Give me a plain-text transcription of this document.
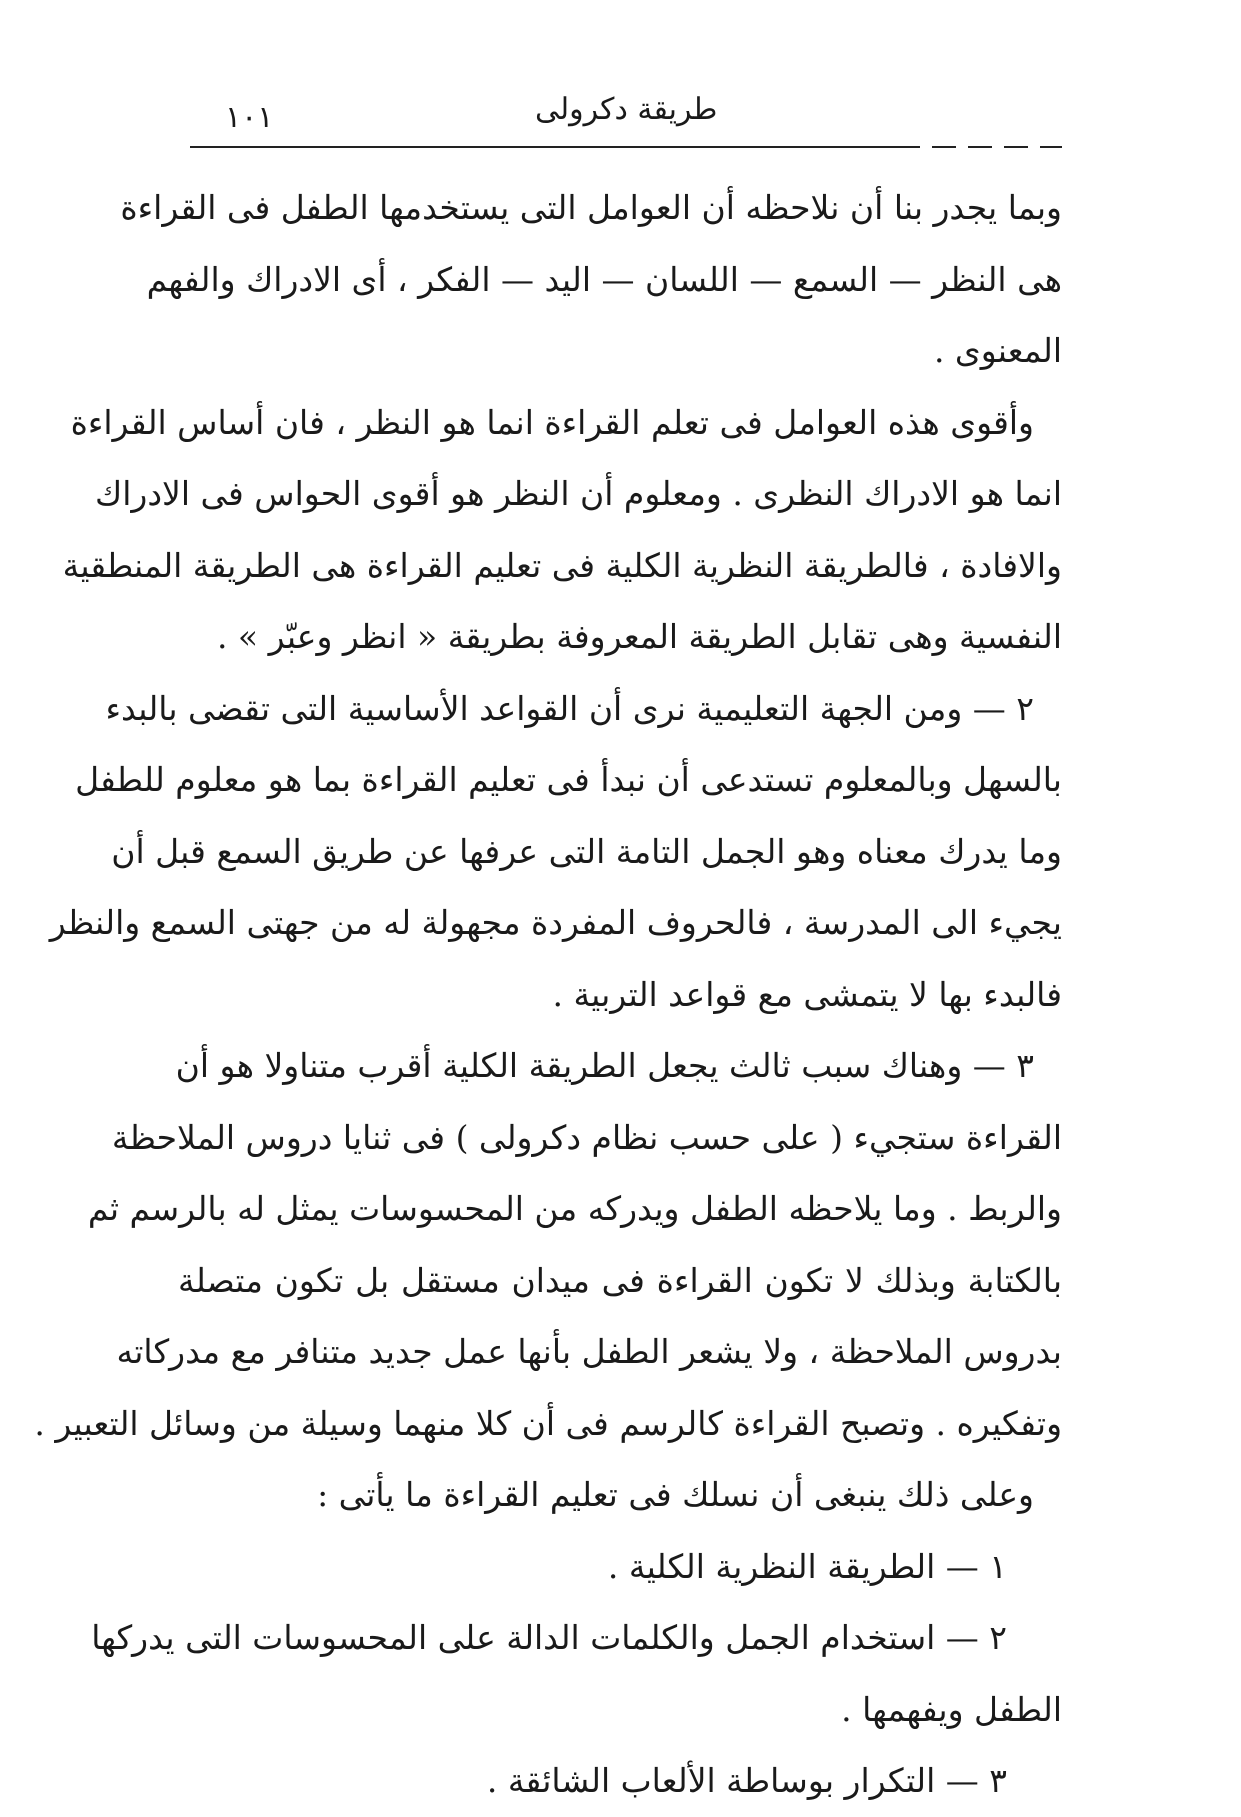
١٠١	طريقة دكرولى
وبما يجدر بنا أن نلاحظه أن العوامل التى يستخدمها الطفل فى القراءة
هى النظر — السمع — اللسان — اليد — الفكر ، أى الادراك والفهم
المعنوى .
وأقوى هذه العوامل فى تعلم القراءة انما هو النظر ، فان أساس القراءة
انما هو الادراك النظرى . ومعلوم أن النظر هو أقوى الحواس فى الادراك
والافادة ، فالطريقة النظرية الكلية فى تعليم القراءة هى الطريقة المنطقية
النفسية وهى تقابل الطريقة المعروفة بطريقة « انظر وعبّر » .
٢ — ومن الجهة التعليمية نرى أن القواعد الأساسية التى تقضى بالبدء
بالسهل وبالمعلوم تستدعى أن نبدأ فى تعليم القراءة بما هو معلوم للطفل
وما يدرك معناه وهو الجمل التامة التى عرفها عن طريق السمع قبل أن
يجيء الى المدرسة ، فالحروف المفردة مجهولة له من جهتى السمع والنظر
فالبدء بها لا يتمشى مع قواعد التربية .
٣ — وهناك سبب ثالث يجعل الطريقة الكلية أقرب متناولا هو أن
القراءة ستجيء ( على حسب نظام دكرولى ) فى ثنايا دروس الملاحظة
والربط . وما يلاحظه الطفل ويدركه من المحسوسات يمثل له بالرسم ثم
بالكتابة وبذلك لا تكون القراءة فى ميدان مستقل بل تكون متصلة
بدروس الملاحظة ، ولا يشعر الطفل بأنها عمل جديد متنافر مع مدركاته
وتفكيره . وتصبح القراءة كالرسم فى أن كلا منهما وسيلة من وسائل التعبير .
وعلى ذلك ينبغى أن نسلك فى تعليم القراءة ما يأتى :
١ — الطريقة النظرية الكلية .
٢ — استخدام الجمل والكلمات الدالة على المحسوسات التى يدركها
الطفل ويفهمها .
٣ — التكرار بوساطة الألعاب الشائقة .
